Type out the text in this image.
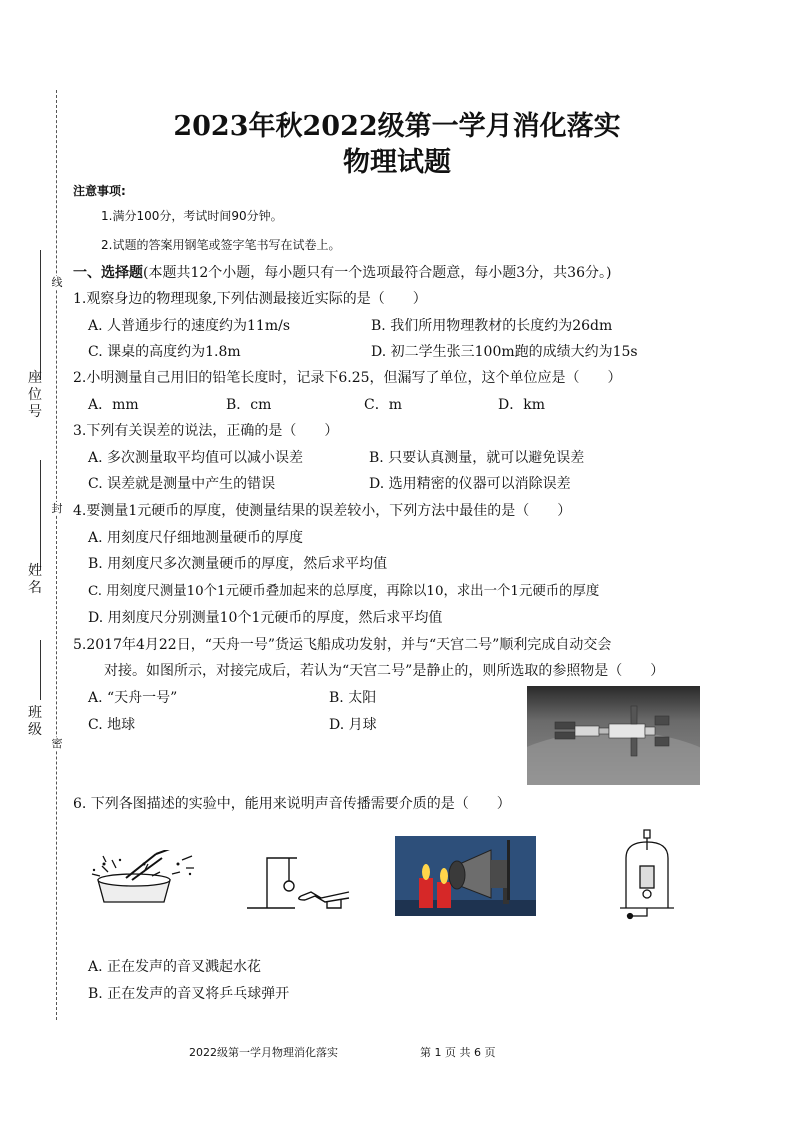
座位号
姓名
班级
线
封
密
2023年秋2022级第一学月消化落实
物理试题
注意事项:
1.满分100分，考试时间90分钟。
2.试题的答案用钢笔或签字笔书写在试卷上。
一、选择题(本题共12个小题，每小题只有一个选项最符合题意，每小题3分，共36分。)
1.观察身边的物理现象,下列估测最接近实际的是（　　）
A. 人普通步行的速度约为11m/s	B. 我们所用物理教材的长度约为26dm
C. 课桌的高度约为1.8m	D. 初二学生张三100m跑的成绩大约为15s
2.小明测量自己用旧的铅笔长度时，记录下6.25，但漏写了单位，这个单位应是（　　）
A．mm	B．cm	C．m	D．km
3.下列有关误差的说法，正确的是（　　）
A. 多次测量取平均值可以减小误差	B. 只要认真测量，就可以避免误差
C. 误差就是测量中产生的错误	D. 选用精密的仪器可以消除误差
4.要测量1元硬币的厚度，使测量结果的误差较小，下列方法中最佳的是（　　）
A. 用刻度尺仔细地测量硬币的厚度
B. 用刻度尺多次测量硬币的厚度，然后求平均值
C. 用刻度尺测量10个1元硬币叠加起来的总厚度，再除以10，求出一个1元硬币的厚度
D. 用刻度尺分别测量10个1元硬币的厚度，然后求平均值
5.2017年4月22日，“天舟一号”货运飞船成功发射，并与“天宫二号”顺利完成自动交会
对接。如图所示，对接完成后，若认为“天宫二号”是静止的，则所选取的参照物是（　　）
A. “天舟一号”	B. 太阳
C. 地球	D. 月球
6. 下列各图描述的实验中，能用来说明声音传播需要介质的是（　　）
A. 正在发声的音叉溅起水花
B. 正在发声的音叉将乒乓球弹开
2022级第一学月物理消化落实	第 1 页 共 6 页
